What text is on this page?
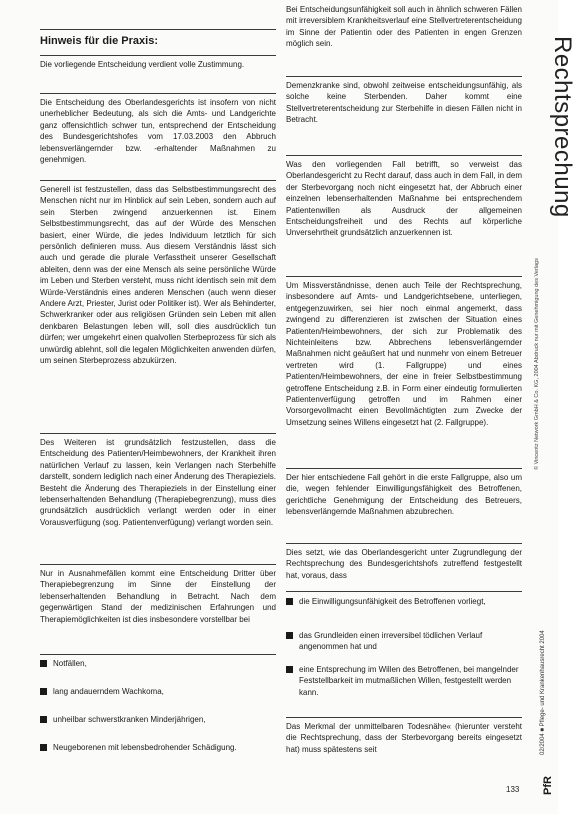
Hinweis für die Praxis:

Die vorliegende Entscheidung verdient volle Zustimmung.

Die Entscheidung des Oberlandesgerichts ist insofern von nicht unerheblicher Bedeutung, als sich die Amts- und Landgerichte ganz offensichtlich schwer tun, entsprechend der Entscheidung des Bundesgerichtshofes vom 17.03.2003 den Abbruch lebensverlängernder bzw. -erhaltender Maßnahmen zu genehmigen.

Generell ist festzustellen, dass das Selbstbestimmungsrecht des Menschen nicht nur im Hinblick auf sein Leben, sondern auch auf sein Sterben zwingend anzuerkennen ist. Einem Selbstbestimmungsrecht, das auf der Würde des Menschen basiert, einer Würde, die jedes Individuum letztlich für sich persönlich definieren muss. Aus diesem Verständnis lässt sich auch und gerade die plurale Verfasstheit unserer Gesellschaft ableiten, denn was der eine Mensch als seine persönliche Würde im Leben und Sterben versteht, muss nicht identisch sein mit dem Würde-Verständnis eines anderen Menschen (auch wenn dieser Andere Arzt, Priester, Jurist oder Politiker ist). Wer als Behinderter, Schwerkranker oder aus religiösen Gründen sein Leben mit allen denkbaren Belastungen leben will, soll dies ausdrücklich tun dürfen; wer umgekehrt einen qualvollen Sterbeprozess für sich als unwürdig ablehnt, soll die legalen Möglichkeiten anwenden dürfen, um seinen Sterbeprozess abzukürzen.

Des Weiteren ist grundsätzlich festzustellen, dass die Entscheidung des Patienten/Heimbewohners, der Krankheit ihren natürlichen Verlauf zu lassen, kein Verlangen nach Sterbehilfe darstellt, sondern lediglich nach einer Änderung des Therapieziels. Besteht die Änderung des Therapieziels in der Einstellung einer lebenserhaltenden Behandlung (Therapiebegrenzung), muss dies grundsätzlich ausdrücklich verlangt werden oder in einer Vorausverfügung (sog. Patientenverfügung) verlangt worden sein.

Nur in Ausnahmefällen kommt eine Entscheidung Dritter über Therapiebegrenzung im Sinne der Einstellung der lebenserhaltenden Behandlung in Betracht. Nach dem gegenwärtigen Stand der medizinischen Erfahrungen und Therapiemöglichkeiten ist dies insbesondere vorstellbar bei

Notfällen,
lang andauerndem Wachkoma,
unheilbar schwerstkranken Minderjährigen,
Neugeborenen mit lebensbedrohender Schädigung.

Bei Entscheidungsunfähigkeit soll auch in ähnlich schweren Fällen mit irreversiblem Krankheitsverlauf eine Stellvertreterentscheidung im Sinne der Patientin oder des Patienten in engen Grenzen möglich sein.

Demenzkranke sind, obwohl zeitweise entscheidungsunfähig, als solche keine Sterbenden. Daher kommt eine Stellvertreterentscheidung zur Sterbehilfe in diesen Fällen nicht in Betracht.

Was den vorliegenden Fall betrifft, so verweist das Oberlandesgericht zu Recht darauf, dass auch in dem Fall, in dem der Sterbevorgang noch nicht eingesetzt hat, der Abbruch einer einzelnen lebenserhaltenden Maßnahme bei entsprechendem Patientenwillen als Ausdruck der allgemeinen Entscheidungsfreiheit und des Rechts auf körperliche Unversehrtheit grundsätzlich anzuerkennen ist.

Um Missverständnisse, denen auch Teile der Rechtsprechung, insbesondere auf Amts- und Landgerichtsebene, unterliegen, entgegenzuwirken, sei hier noch einmal angemerkt, dass zwingend zu differenzieren ist zwischen der Situation eines Patienten/Heimbewohners, der sich zur Problematik des Nichteinleitens bzw. Abbrechens lebensverlängernder Maßnahmen nicht geäußert hat und nunmehr von einem Betreuer vertreten wird (1. Fallgruppe) und eines Patienten/Heimbewohners, der eine in freier Selbstbestimmung getroffene Entscheidung z.B. in Form einer eindeutig formulierten Patientenverfügung getroffen und im Rahmen einer Vorsorgevollmacht einen Bevollmächtigten zum Zwecke der Umsetzung seines Willens eingesetzt hat (2. Fallgruppe).

Der hier entschiedene Fall gehört in die erste Fallgruppe, also um die, wegen fehlender Einwilligungsfähigkeit des Betroffenen, gerichtliche Genehmigung der Entscheidung des Betreuers, lebensverlängernde Maßnahmen abzubrechen.

Dies setzt, wie das Oberlandesgericht unter Zugrundlegung der Rechtsprechung des Bundesgerichtshofs zutreffend festgestellt hat, voraus, dass

die Einwilligungsunfähigkeit des Betroffenen vorliegt,
das Grundleiden einen irreversibel tödlichen Verlauf angenommen hat und
eine Entsprechung im Willen des Betroffenen, bei mangelnder Feststellbarkeit im mutmaßlichen Willen, festgestellt werden kann.

Das Merkmal der unmittelbaren Todesnähe« (hierunter versteht die Rechtsprechung, dass der Sterbevorgang bereits eingesetzt hat) muss spätestens seit

Rechtsprechung
© Vincentz Network GmbH & Co. KG, 2004 Abdruck nur mit Genehmigung des Verlags
02/2004 ■ Pflege- und Krankenhausrecht 2004
PfR
133
